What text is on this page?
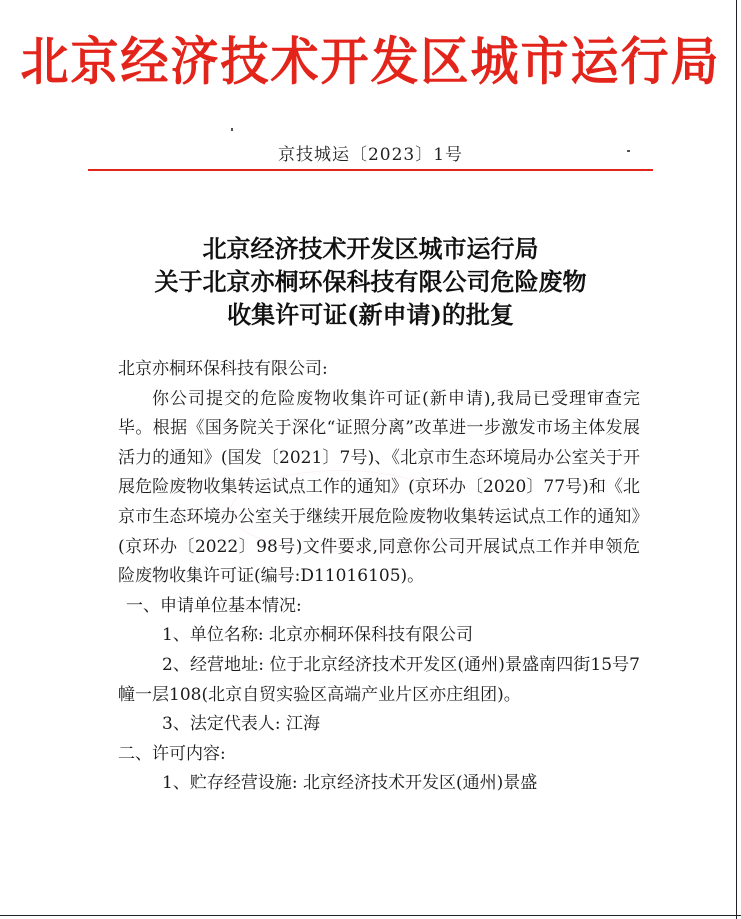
北京经济技术开发区城市运行局
京技城运〔2023〕1号
北京经济技术开发区城市运行局
关于北京亦桐环保科技有限公司危险废物
收集许可证(新申请)的批复

北京亦桐环保科技有限公司:

你公司提交的危险废物收集许可证(新申请),我局已受理审查完毕。根据《国务院关于深化“证照分离”改革进一步激发市场主体发展活力的通知》(国发〔2021〕7号)、《北京市生态环境局办公室关于开展危险废物收集转运试点工作的通知》(京环办〔2020〕77号)和《北京市生态环境办公室关于继续开展危险废物收集转运试点工作的通知》(京环办〔2022〕98号)文件要求,同意你公司开展试点工作并申领危险废物收集许可证(编号:D11016105)。

一、申请单位基本情况:

1、单位名称: 北京亦桐环保科技有限公司

2、经营地址: 位于北京经济技术开发区(通州)景盛南四街15号7幢一层108(北京自贸实验区高端产业片区亦庄组团)。

3、法定代表人: 江海

二、许可内容:

1、贮存经营设施: 北京经济技术开发区(通州)景盛
